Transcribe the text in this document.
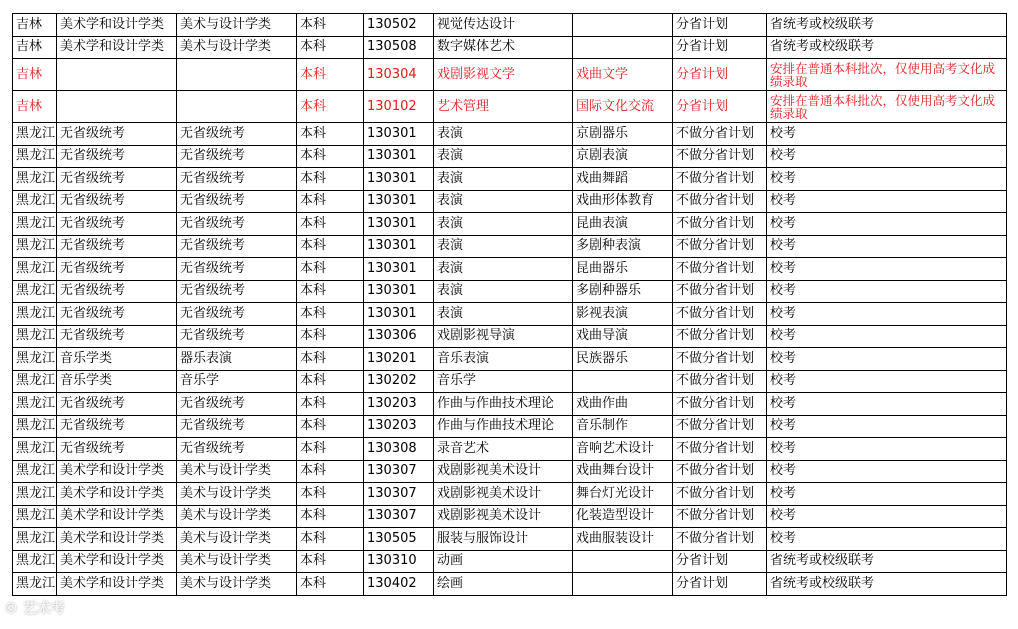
吉林	美术学和设计学类	美术与设计学类	本科	130502	视觉传达设计		分省计划	省统考或校级联考
吉林	美术学和设计学类	美术与设计学类	本科	130508	数字媒体艺术		分省计划	省统考或校级联考
吉林			本科	130304	戏剧影视文学	戏曲文学	分省计划	安排在普通本科批次，仅使用高考文化成绩录取
吉林			本科	130102	艺术管理	国际文化交流	分省计划	安排在普通本科批次，仅使用高考文化成绩录取
黑龙江	无省级统考	无省级统考	本科	130301	表演	京剧器乐	不做分省计划	校考
黑龙江	无省级统考	无省级统考	本科	130301	表演	京剧表演	不做分省计划	校考
黑龙江	无省级统考	无省级统考	本科	130301	表演	戏曲舞蹈	不做分省计划	校考
黑龙江	无省级统考	无省级统考	本科	130301	表演	戏曲形体教育	不做分省计划	校考
黑龙江	无省级统考	无省级统考	本科	130301	表演	昆曲表演	不做分省计划	校考
黑龙江	无省级统考	无省级统考	本科	130301	表演	多剧种表演	不做分省计划	校考
黑龙江	无省级统考	无省级统考	本科	130301	表演	昆曲器乐	不做分省计划	校考
黑龙江	无省级统考	无省级统考	本科	130301	表演	多剧种器乐	不做分省计划	校考
黑龙江	无省级统考	无省级统考	本科	130301	表演	影视表演	不做分省计划	校考
黑龙江	无省级统考	无省级统考	本科	130306	戏剧影视导演	戏曲导演	不做分省计划	校考
黑龙江	音乐学类	器乐表演	本科	130201	音乐表演	民族器乐	不做分省计划	校考
黑龙江	音乐学类	音乐学	本科	130202	音乐学		不做分省计划	校考
黑龙江	无省级统考	无省级统考	本科	130203	作曲与作曲技术理论	戏曲作曲	不做分省计划	校考
黑龙江	无省级统考	无省级统考	本科	130203	作曲与作曲技术理论	音乐制作	不做分省计划	校考
黑龙江	无省级统考	无省级统考	本科	130308	录音艺术	音响艺术设计	不做分省计划	校考
黑龙江	美术学和设计学类	美术与设计学类	本科	130307	戏剧影视美术设计	戏曲舞台设计	不做分省计划	校考
黑龙江	美术学和设计学类	美术与设计学类	本科	130307	戏剧影视美术设计	舞台灯光设计	不做分省计划	校考
黑龙江	美术学和设计学类	美术与设计学类	本科	130307	戏剧影视美术设计	化装造型设计	不做分省计划	校考
黑龙江	美术学和设计学类	美术与设计学类	本科	130505	服装与服饰设计	戏曲服装设计	不做分省计划	校考
黑龙江	美术学和设计学类	美术与设计学类	本科	130310	动画		分省计划	省统考或校级联考
黑龙江	美术学和设计学类	美术与设计学类	本科	130402	绘画		分省计划	省统考或校级联考
© 艺术考
